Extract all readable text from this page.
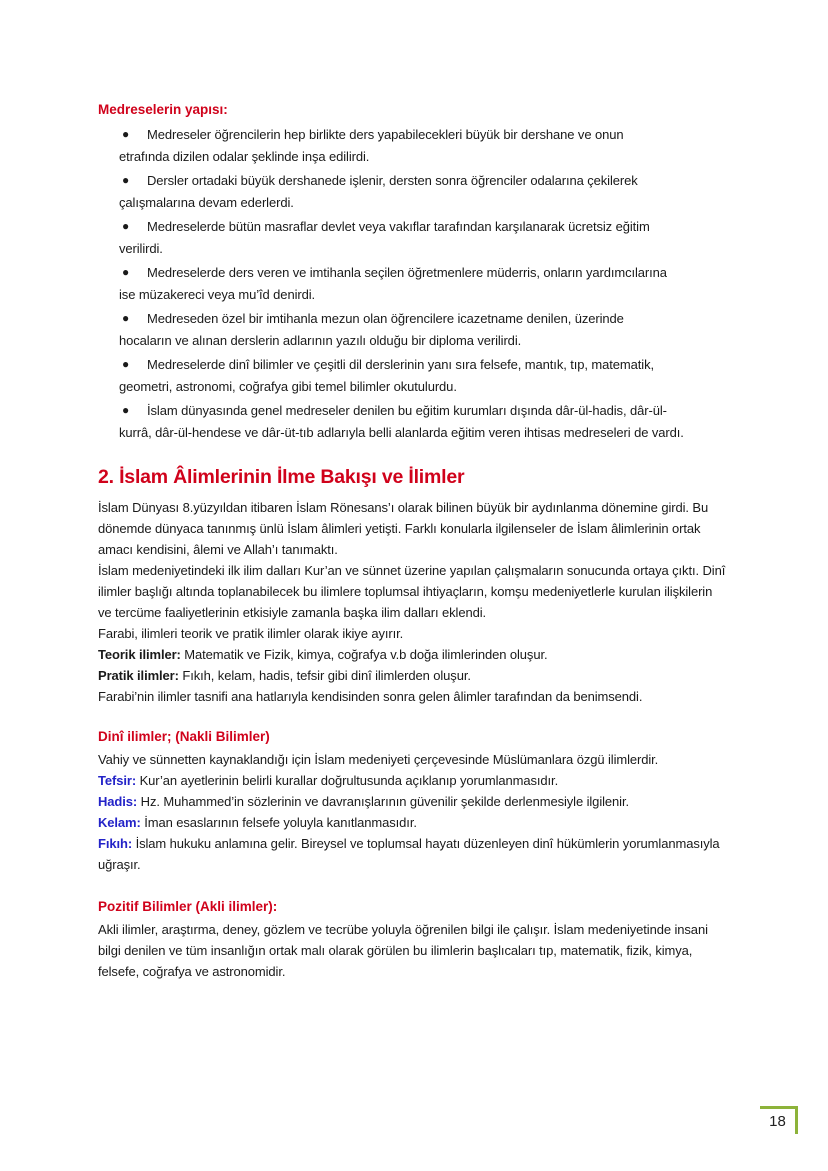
Medreselerin yapısı:
● Medreseler öğrencilerin hep birlikte ders yapabilecekleri büyük bir dershane ve onun
etrafında dizilen odalar şeklinde inşa edilirdi.
● Dersler ortadaki büyük dershanede işlenir, dersten sonra öğrenciler odalarına çekilerek
çalışmalarına devam ederlerdi.
● Medreselerde bütün masraflar devlet veya vakıflar tarafından karşılanarak ücretsiz eğitim
verilirdi.
● Medreselerde ders veren ve imtihanla seçilen öğretmenlere müderris, onların yardımcılarına
ise müzakereci veya mu’îd denirdi.
● Medreseden özel bir imtihanla mezun olan öğrencilere icazetname denilen, üzerinde
hocaların ve alınan derslerin adlarının yazılı olduğu bir diploma verilirdi.
● Medreselerde dinî bilimler ve çeşitli dil derslerinin yanı sıra felsefe, mantık, tıp, matematik,
geometri, astronomi, coğrafya gibi temel bilimler okutulurdu.
● İslam dünyasında genel medreseler denilen bu eğitim kurumları dışında dâr-ül-hadis, dâr-ül-
kurrâ, dâr-ül-hendese ve dâr-üt-tıb adlarıyla belli alanlarda eğitim veren ihtisas medreseleri de vardı.
2. İslam Âlimlerinin İlme Bakışı ve İlimler

İslam Dünyası 8.yüzyıldan itibaren İslam Rönesans’ı olarak bilinen büyük bir aydınlanma dönemine girdi. Bu dönemde dünyaca tanınmış ünlü İslam âlimleri yetişti. Farklı konularla ilgilenseler de İslam âlimlerinin ortak amacı kendisini, âlemi ve Allah’ı tanımaktı.

İslam medeniyetindeki ilk ilim dalları Kur’an ve sünnet üzerine yapılan çalışmaların sonucunda ortaya çıktı. Dinî ilimler başlığı altında toplanabilecek bu ilimlere toplumsal ihtiyaçların, komşu medeniyetlerle kurulan ilişkilerin ve tercüme faaliyetlerinin etkisiyle zamanla başka ilim dalları eklendi.

Farabi, ilimleri teorik ve pratik ilimler olarak ikiye ayırır.

Teorik ilimler: Matematik ve Fizik, kimya, coğrafya v.b doğa ilimlerinden oluşur.

Pratik ilimler: Fıkıh, kelam, hadis, tefsir gibi dinî ilimlerden oluşur.

Farabi’nin ilimler tasnifi ana hatlarıyla kendisinden sonra gelen âlimler tarafından da benimsendi.

Dinî ilimler; (Nakli Bilimler)

Vahiy ve sünnetten kaynaklandığı için İslam medeniyeti çerçevesinde Müslümanlara özgü ilimlerdir.

Tefsir: Kur’an ayetlerinin belirli kurallar doğrultusunda açıklanıp yorumlanmasıdır.

Hadis: Hz. Muhammed’in sözlerinin ve davranışlarının güvenilir şekilde derlenmesiyle ilgilenir.

Kelam: İman esaslarının felsefe yoluyla kanıtlanmasıdır.

Fıkıh: İslam hukuku anlamına gelir. Bireysel ve toplumsal hayatı düzenleyen dinî hükümlerin yorumlanmasıyla uğraşır.

Pozitif Bilimler (Akli ilimler):

Akli ilimler, araştırma, deney, gözlem ve tecrübe yoluyla öğrenilen bilgi ile çalışır. İslam medeniyetinde insani bilgi denilen ve tüm insanlığın ortak malı olarak görülen bu ilimlerin başlıcaları tıp, matematik, fizik, kimya, felsefe, coğrafya ve astronomidir.

18
